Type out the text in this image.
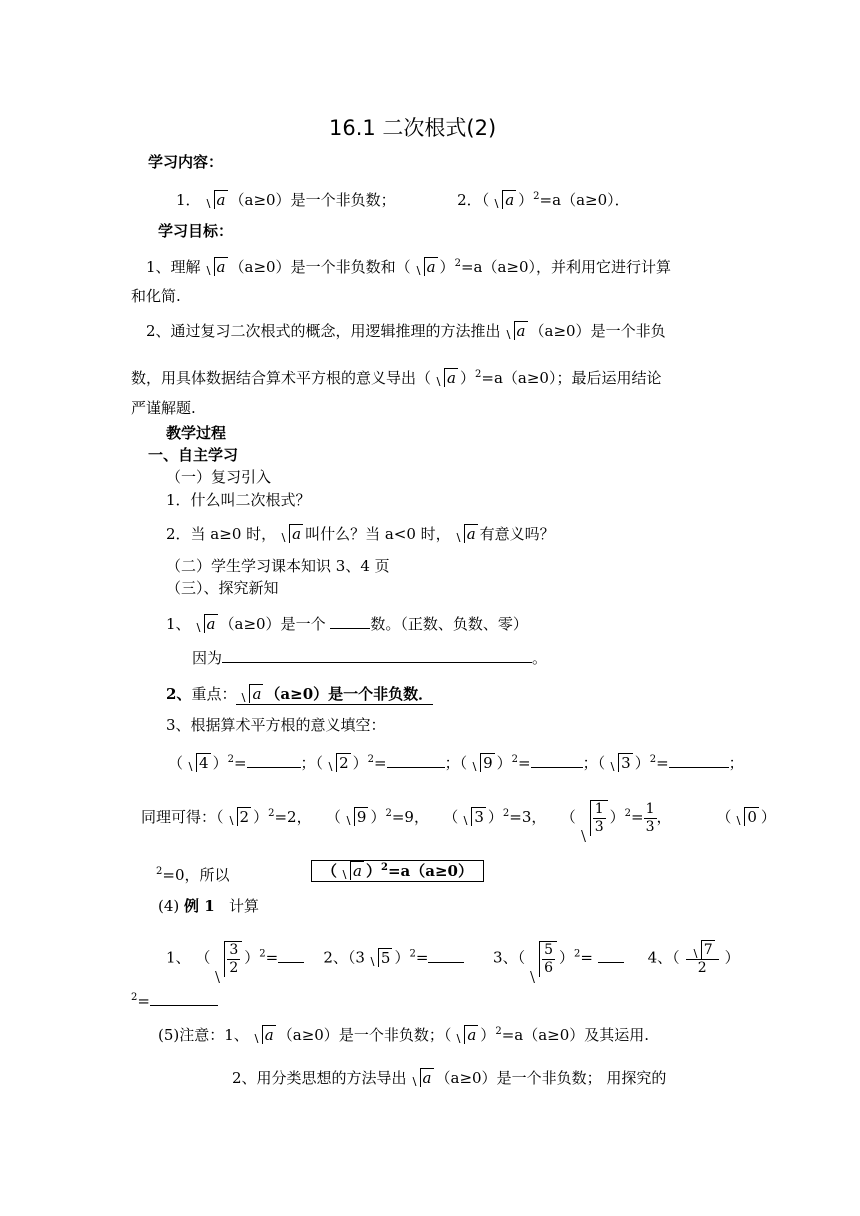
16.1 二次根式(2)
学习内容：
1． a （a≥0）是一个非负数；	2．（ a ）$^2$=a（a≥0）．
学习目标：
1、理解 a （a≥0）是一个非负数和（ a ）$^2$=a（a≥0），并利用它进行计算
和化简.
2、通过复习二次根式的概念，用逻辑推理的方法推出 a （a≥0）是一个非负
数，用具体数据结合算术平方根的意义导出（ a ）$^2$=a（a≥0）；最后运用结论
严谨解题.
教学过程
一、自主学习
（一）复习引入
1．什么叫二次根式？
2．当 a≥0 时， a 叫什么？当 a<0 时， a 有意义吗？
（二）学生学习课本知识 3、4 页
（三）、探究新知
1、 a （a≥0）是一个	数。（正数、负数、零）
因为	。
2、重点： a （a≥0）是一个非负数．
3、根据算术平方根的意义填空：
（ 4 ）$^2$=	；（ 2 ）$^2$=	；（ 9 ）$^2$=	；（ 3 ）$^2$=	；
同理可得：（ 2 ）$^2$=2， （ 9 ）$^2$=9， （ 3 ）$^2$=3， （ $\frac{1}{3} )^2= \frac{1}{3}$ ，	（ 0 ）
$^2$=0，所以	（ a ）$^2$=a（a≥0）
(4) 例 1 计算
1、 （ $\frac{3}{2} )^2=$	2、（3 5 ）$^2$=	3、（ $\frac{5}{6} )^2=$	4、（ $\frac{7}{2}$ ）
$^2$=
(5)注意：1、 a （a≥0）是一个非负数；（ a ）$^2$=a（a≥0）及其运用.
2、用分类思想的方法导出 a （a≥0）是一个非负数； 用探究的
